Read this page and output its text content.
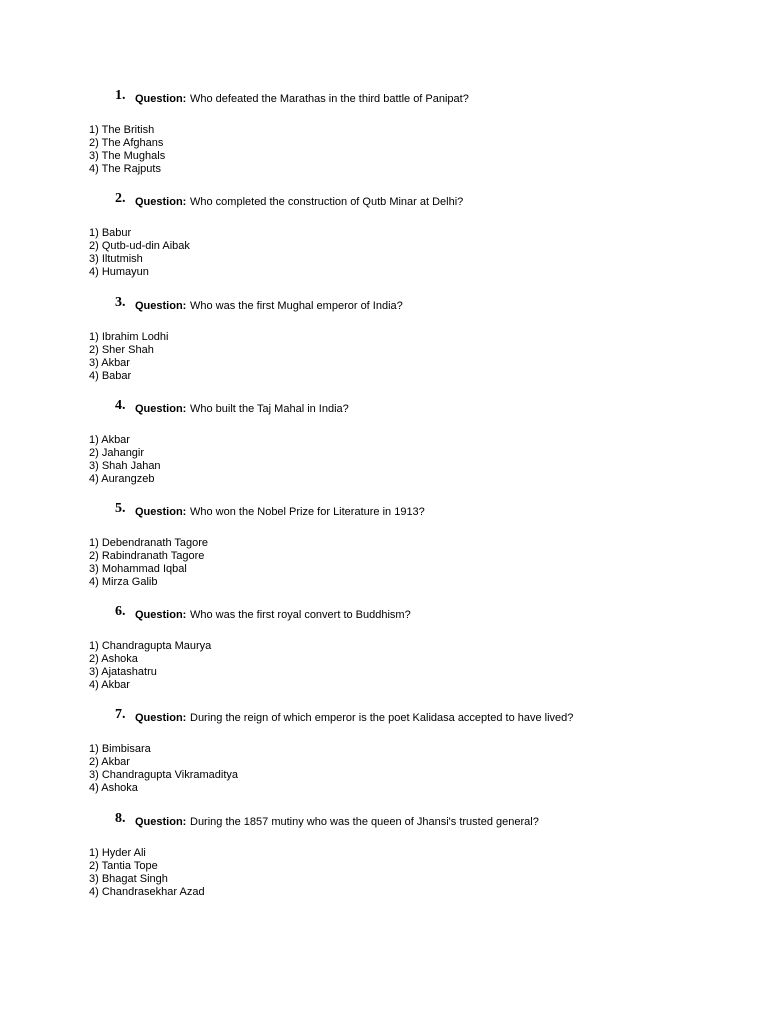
1. Question: Who defeated the Marathas in the third battle of Panipat?
1) The British
2) The Afghans
3) The Mughals
4) The Rajputs
2. Question: Who completed the construction of Qutb Minar at Delhi?
1) Babur
2) Qutb-ud-din Aibak
3) Iltutmish
4) Humayun
3. Question: Who was the first Mughal emperor of India?
1) Ibrahim Lodhi
2) Sher Shah
3) Akbar
4) Babar
4. Question: Who built the Taj Mahal in India?
1) Akbar
2) Jahangir
3) Shah Jahan
4) Aurangzeb
5. Question: Who won the Nobel Prize for Literature in 1913?
1) Debendranath Tagore
2) Rabindranath Tagore
3) Mohammad Iqbal
4) Mirza Galib
6. Question: Who was the first royal convert to Buddhism?
1) Chandragupta Maurya
2) Ashoka
3) Ajatashatru
4) Akbar
7. Question: During the reign of which emperor is the poet Kalidasa accepted to have lived?
1) Bimbisara
2) Akbar
3) Chandragupta Vikramaditya
4) Ashoka
8. Question: During the 1857 mutiny who was the queen of Jhansi's trusted general?
1) Hyder Ali
2) Tantia Tope
3) Bhagat Singh
4) Chandrasekhar Azad
